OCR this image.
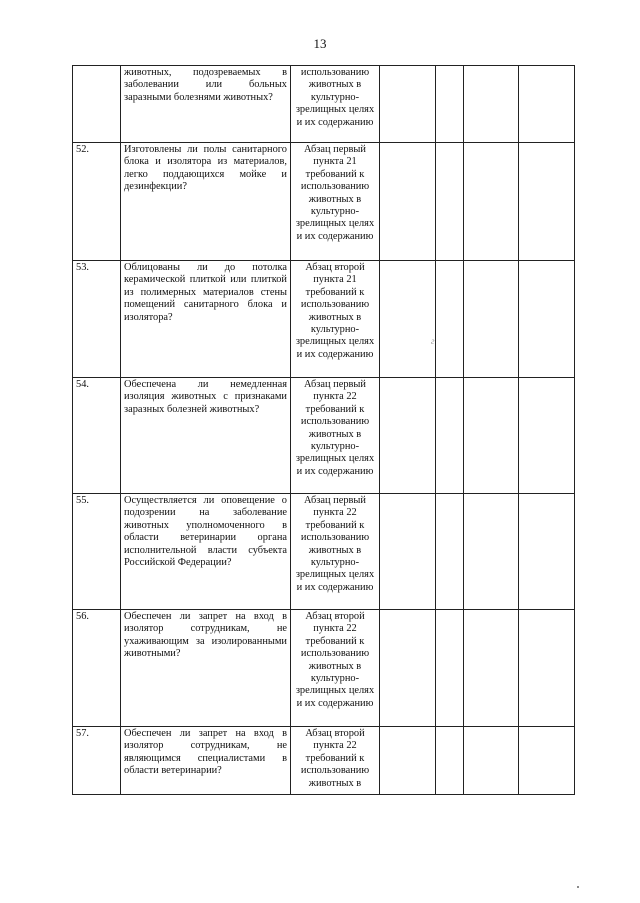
13
	животных, подозреваемых в заболевании или больных заразными болезнями животных?	использованию животных в культурно-зрелищных целях и их содержанию				
52.	Изготовлены ли полы санитарного блока и изолятора из материалов, легко поддающихся мойке и дезинфекции?	Абзац первый пункта 21 требований к использованию животных в культурно-зрелищных целях и их содержанию				
53.	Облицованы ли до потолка керамической плиткой или плиткой из полимерных материалов стены помещений санитарного блока и изолятора?	Абзац второй пункта 21 требований к использованию животных в культурно-зрелищных целях и их содержанию				
54.	Обеспечена ли немедленная изоляция животных с признаками заразных болезней животных?	Абзац первый пункта 22 требований к использованию животных в культурно-зрелищных целях и их содержанию				
55.	Осуществляется ли оповещение о подозрении на заболевание животных уполномоченного в области ветеринарии органа исполнительной власти субъекта Российской Федерации?	Абзац первый пункта 22 требований к использованию животных в культурно-зрелищных целях и их содержанию				
56.	Обеспечен ли запрет на вход в изолятор сотрудникам, не ухаживающим за изолированными животными?	Абзац второй пункта 22 требований к использованию животных в культурно-зрелищных целях и их содержанию				
57.	Обеспечен ли запрет на вход в изолятор сотрудникам, не являющимся специалистами в области ветеринарии?	Абзац второй пункта 22 требований к использованию животных в				
г
